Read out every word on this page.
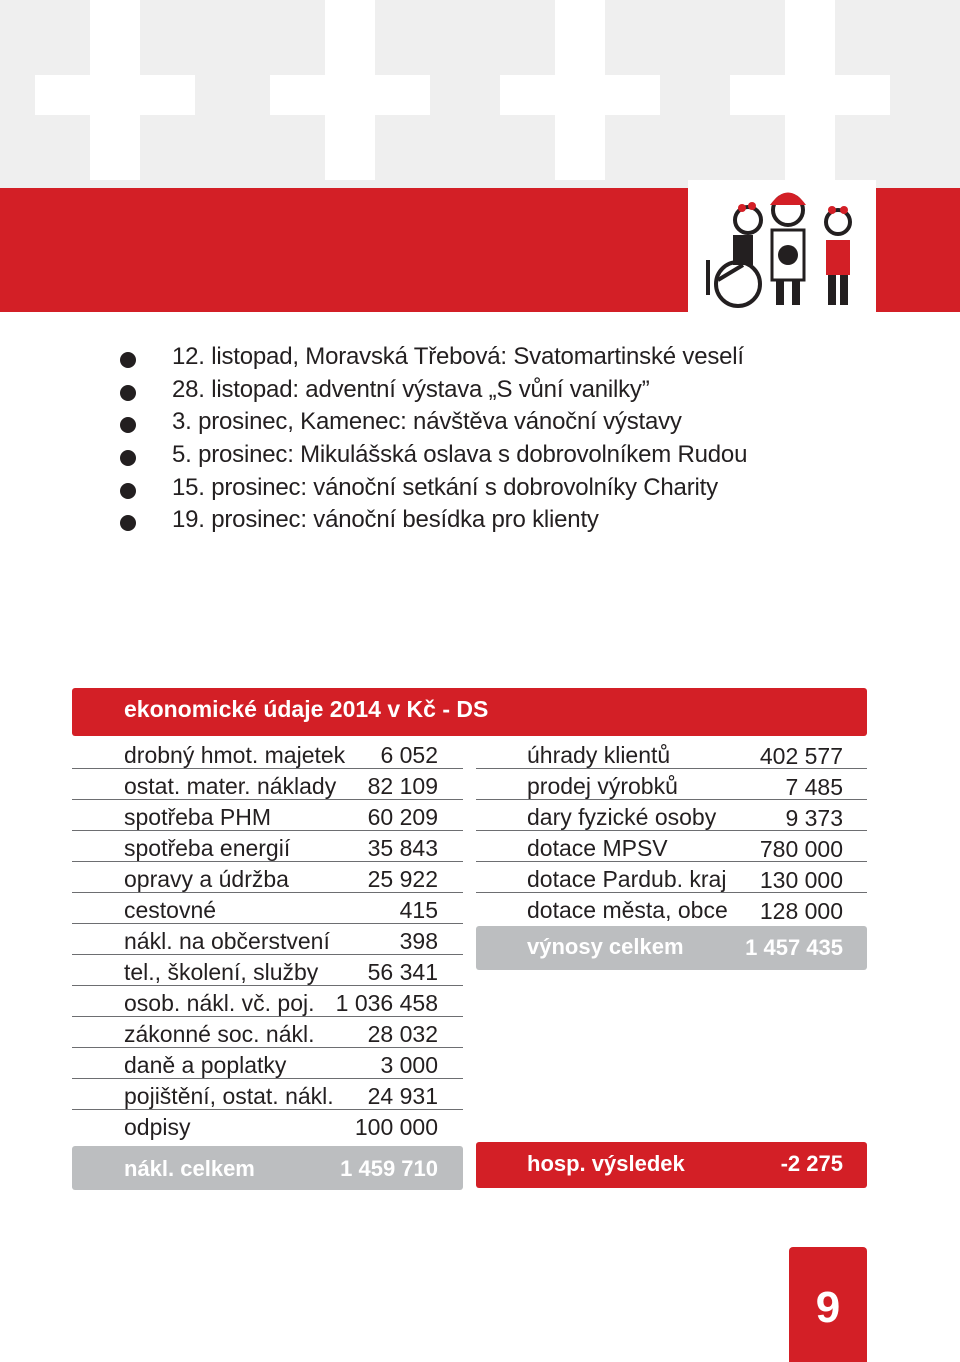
12. listopad, Moravská Třebová: Svatomartinské veselí
28. listopad: adventní výstava „S vůní vanilky”
3. prosinec, Kamenec: návštěva vánoční výstavy
5. prosinec: Mikulášská oslava s dobrovolníkem Rudou
15. prosinec: vánoční setkání s dobrovolníky Charity
19. prosinec: vánoční besídka pro klienty
ekonomické údaje 2014 v Kč - DS
drobný hmot. majetek 6 052
ostat. mater. náklady 82 109
spotřeba PHM	60 209
spotřeba energií	35 843
opravy a údržba	25 922
cestovné	415
nákl. na občerstvení	398
tel., školení, služby 56 341
osob. nákl. vč. poj. 1 036 458
zákonné soc. nákl. 28 032
daně a poplatky	3 000
pojištění, ostat. nákl. 24 931
odpisy	100 000
nákl. celkem	1 459 710
úhrady klientů	402 577
prodej výrobků	7 485
dary fyzické osoby	9 373
dotace MPSV	780 000
dotace Pardub. kraj 130 000
dotace města, obce 128 000
výnosy celkem	1 457 435
hosp. výsledek	-2 275
9
